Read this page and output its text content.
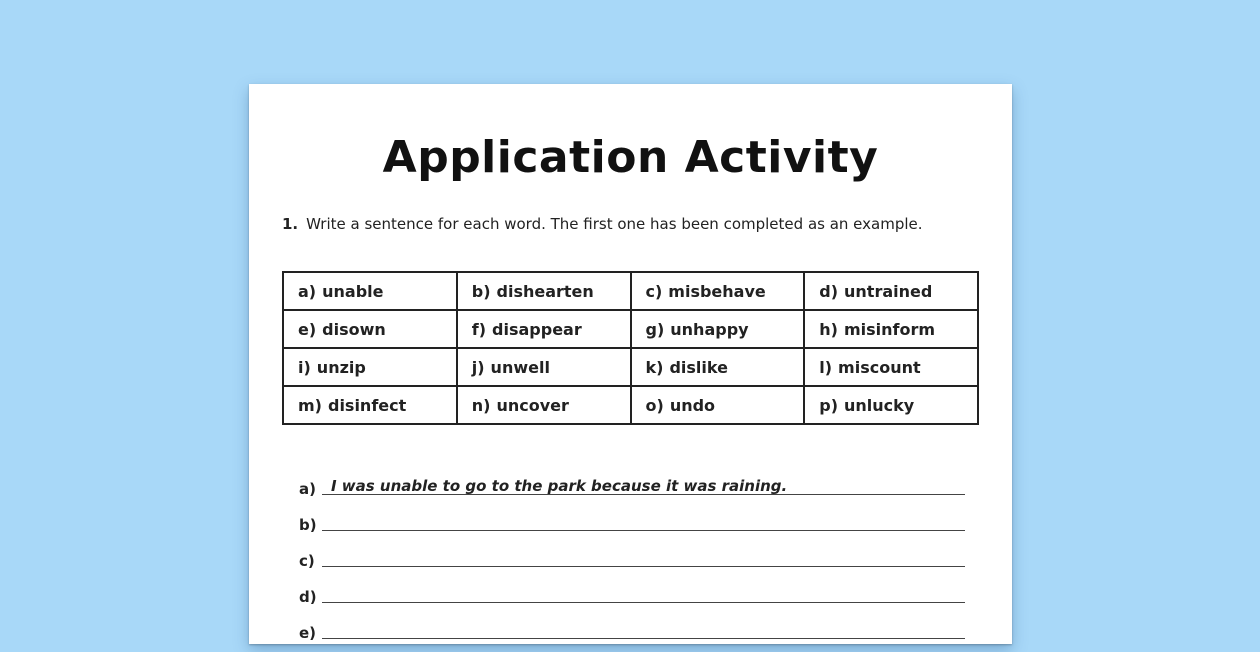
Application Activity
1. Write a sentence for each word. The first one has been completed as an example.
a) unable	b) dishearten	c) misbehave	d) untrained
e) disown	f) disappear	g) unhappy	h) misinform
i) unzip	j) unwell	k) dislike	l) miscount
m) disinfect	n) uncover	o) undo	p) unlucky
a) I was unable to go to the park because it was raining.
b)
c)
d)
e)
